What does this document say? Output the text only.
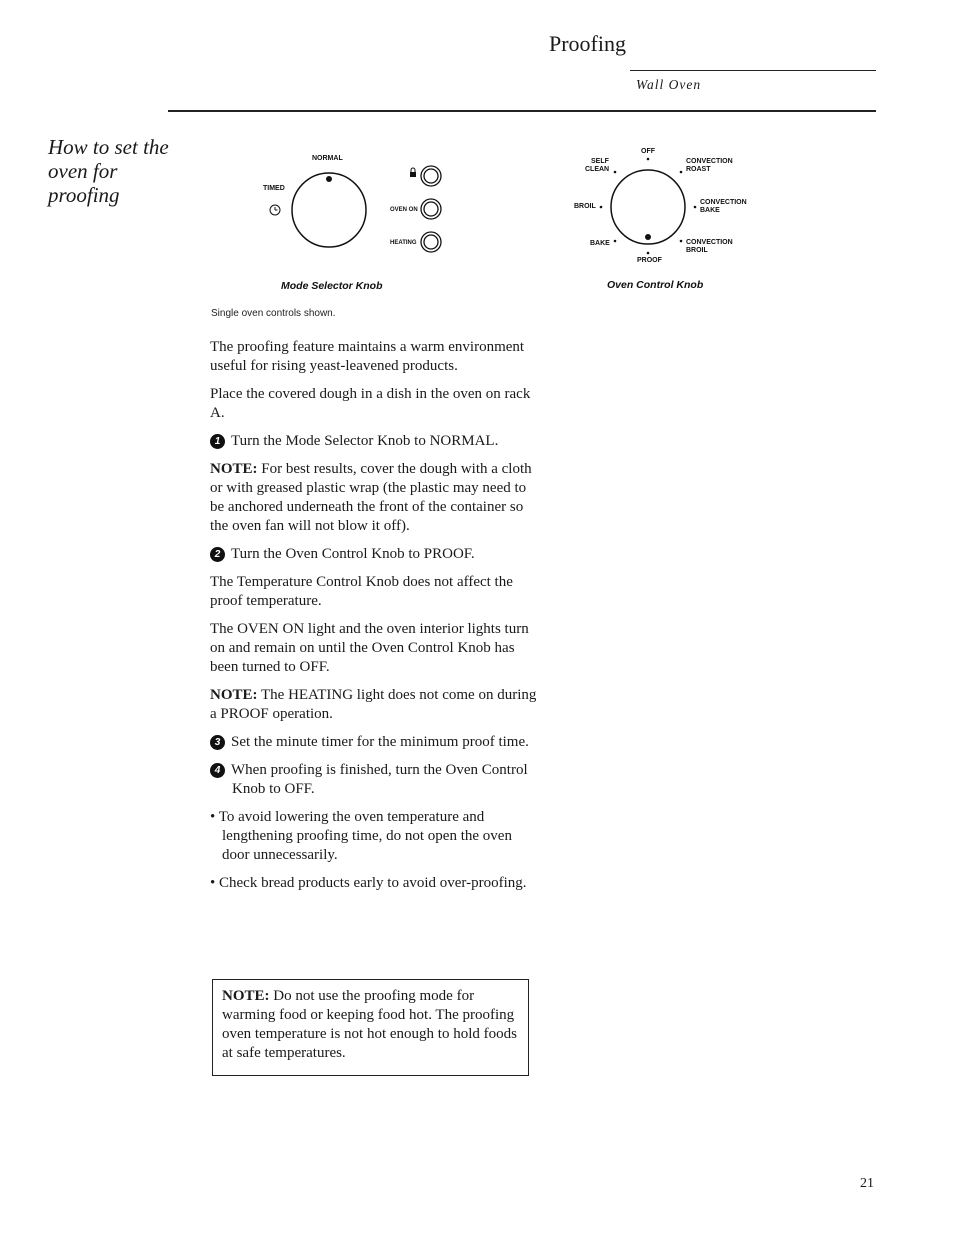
Proofing
Wall Oven
How to set the oven for proofing
NORMAL
TIMED
OVEN ON
HEATING
Mode Selector Knob
OFF
SELF
CLEAN
CONVECTION
ROAST
BROIL
CONVECTION
BAKE
BAKE	CONVECTION
BROIL
PROOF
Oven Control Knob
Single oven controls shown.

The proofing feature maintains a warm environment useful for rising yeast-leavened products.

Place the covered dough in a dish in the oven on rack A.

1 Turn the Mode Selector Knob to NORMAL.

NOTE: For best results, cover the dough with a cloth or with greased plastic wrap (the plastic may need to be anchored underneath the front of the container so the oven fan will not blow it off).

2 Turn the Oven Control Knob to PROOF.

The Temperature Control Knob does not affect the proof temperature.

The OVEN ON light and the oven interior lights turn on and remain on until the Oven Control Knob has been turned to OFF.

NOTE: The HEATING light does not come on during a PROOF operation.

3 Set the minute timer for the minimum proof time.

4 When proofing is finished, turn the Oven Control Knob to OFF.

• To avoid lowering the oven temperature and lengthening proofing time, do not open the oven door unnecessarily.

• Check bread products early to avoid over-proofing.

NOTE: Do not use the proofing mode for warming food or keeping food hot. The proofing oven temperature is not hot enough to hold foods at safe temperatures.
21
